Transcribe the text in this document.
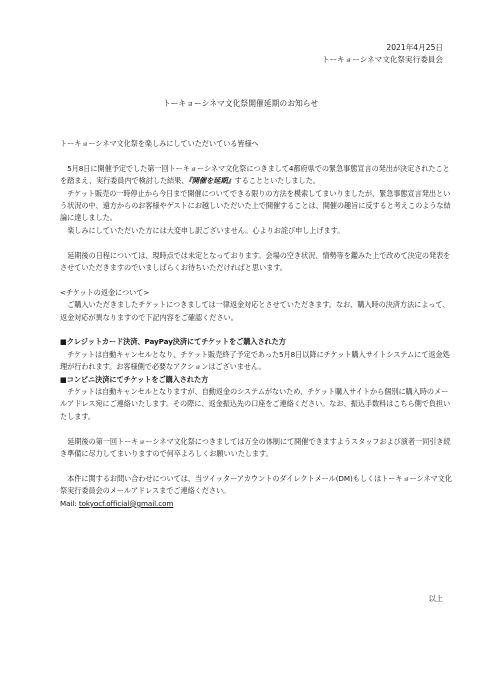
2021年4月25日
トーキョーシネマ文化祭実行委員会
トーキョーシネマ文化祭開催延期のお知らせ

トーキョーシネマ文化祭を楽しみにしていただいている皆様へ

5月8日に開催予定でした第一回トーキョーシネマ文化祭につきまして4都府県での緊急事態宣言の発出が決定されたことを踏まえ、実行委員内で検討した結果、『開催を延期』することといたしました。

チケット販売の一時停止から今日まで開催についてできる限りの方法を模索してまいりましたが、緊急事態宣言発出という状況の中、遠方からのお客様やゲストにお越しいただいた上で開催することは、開催の趣旨に反すると考えこのような結論に達しました。

楽しみにしていただいた方には大変申し訳ございません。心よりお詫び申し上げます。

延期後の日程については、現時点では未定となっております。会場の空き状況、情勢等を鑑みた上で改めて決定の発表をさせていただきますのでいましばらくお待ちいただければと思います。

<チケットの返金について>

ご購入いただきましたチケットにつきましては一律返金対応とさせていただきます。なお、購入時の決済方法によって、返金対応が異なりますので下記内容をご確認ください。

■クレジットカード決済、PayPay決済にてチケットをご購入された方

チケットは自動キャンセルとなり、チケット販売終了予定であった5月8日以降にチケット購入サイトシステムにて返金処理が行われます。お客様側で必要なアクションはございません。

■コンビニ決済にてチケットをご購入された方

チケットは自動キャンセルとなりますが、自動返金のシステムがないため、チケット購入サイトから個別に購入時のメールアドレス宛にご連絡いたします。その際に、返金振込先の口座をご連絡ください。なお、振込手数料はこちら側で負担いたします。

延期後の第一回トーキョーシネマ文化祭につきましては万全の体制にて開催できますようスタッフおよび演者一同引き続き準備に尽力してまいりますので何卒よろしくお願いいたします。

本件に関するお問い合わせについては、当ツイッターアカウントのダイレクトメール(DM)もしくはトーキョーシネマ文化祭実行委員会のメールアドレスまでご連絡ください。

Mail: tokyocf.official@gmail.com

以上
